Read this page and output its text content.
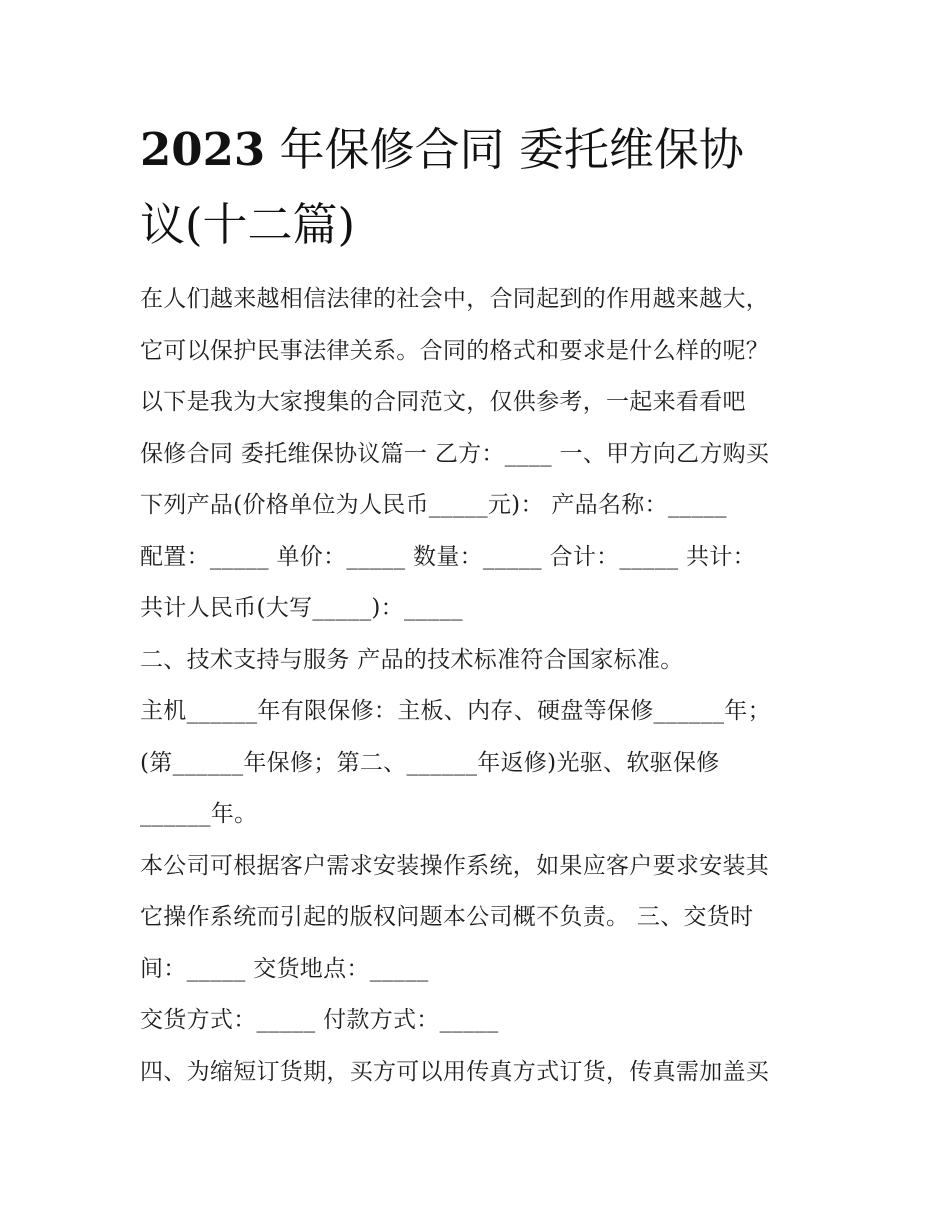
2023 年保修合同 委托维保协
议(十二篇)
在人们越来越相信法律的社会中，合同起到的作用越来越大，
它可以保护民事法律关系。合同的格式和要求是什么样的呢？
以下是我为大家搜集的合同范文，仅供参考，一起来看看吧
保修合同 委托维保协议篇一 乙方：____ 一、甲方向乙方购买
下列产品(价格单位为人民币_____元)： 产品名称：_____
配置：_____ 单价：_____ 数量：_____ 合计：_____ 共计：
共计人民币(大写_____)：_____
二、技术支持与服务 产品的技术标准符合国家标准。
主机______年有限保修：主板、内存、硬盘等保修______年；
(第______年保修；第二、______年返修)光驱、软驱保修
______年。
本公司可根据客户需求安装操作系统，如果应客户要求安装其
它操作系统而引起的版权问题本公司概不负责。 三、交货时
间：_____ 交货地点：_____
交货方式：_____ 付款方式：_____
四、为缩短订货期，买方可以用传真方式订货，传真需加盖买
